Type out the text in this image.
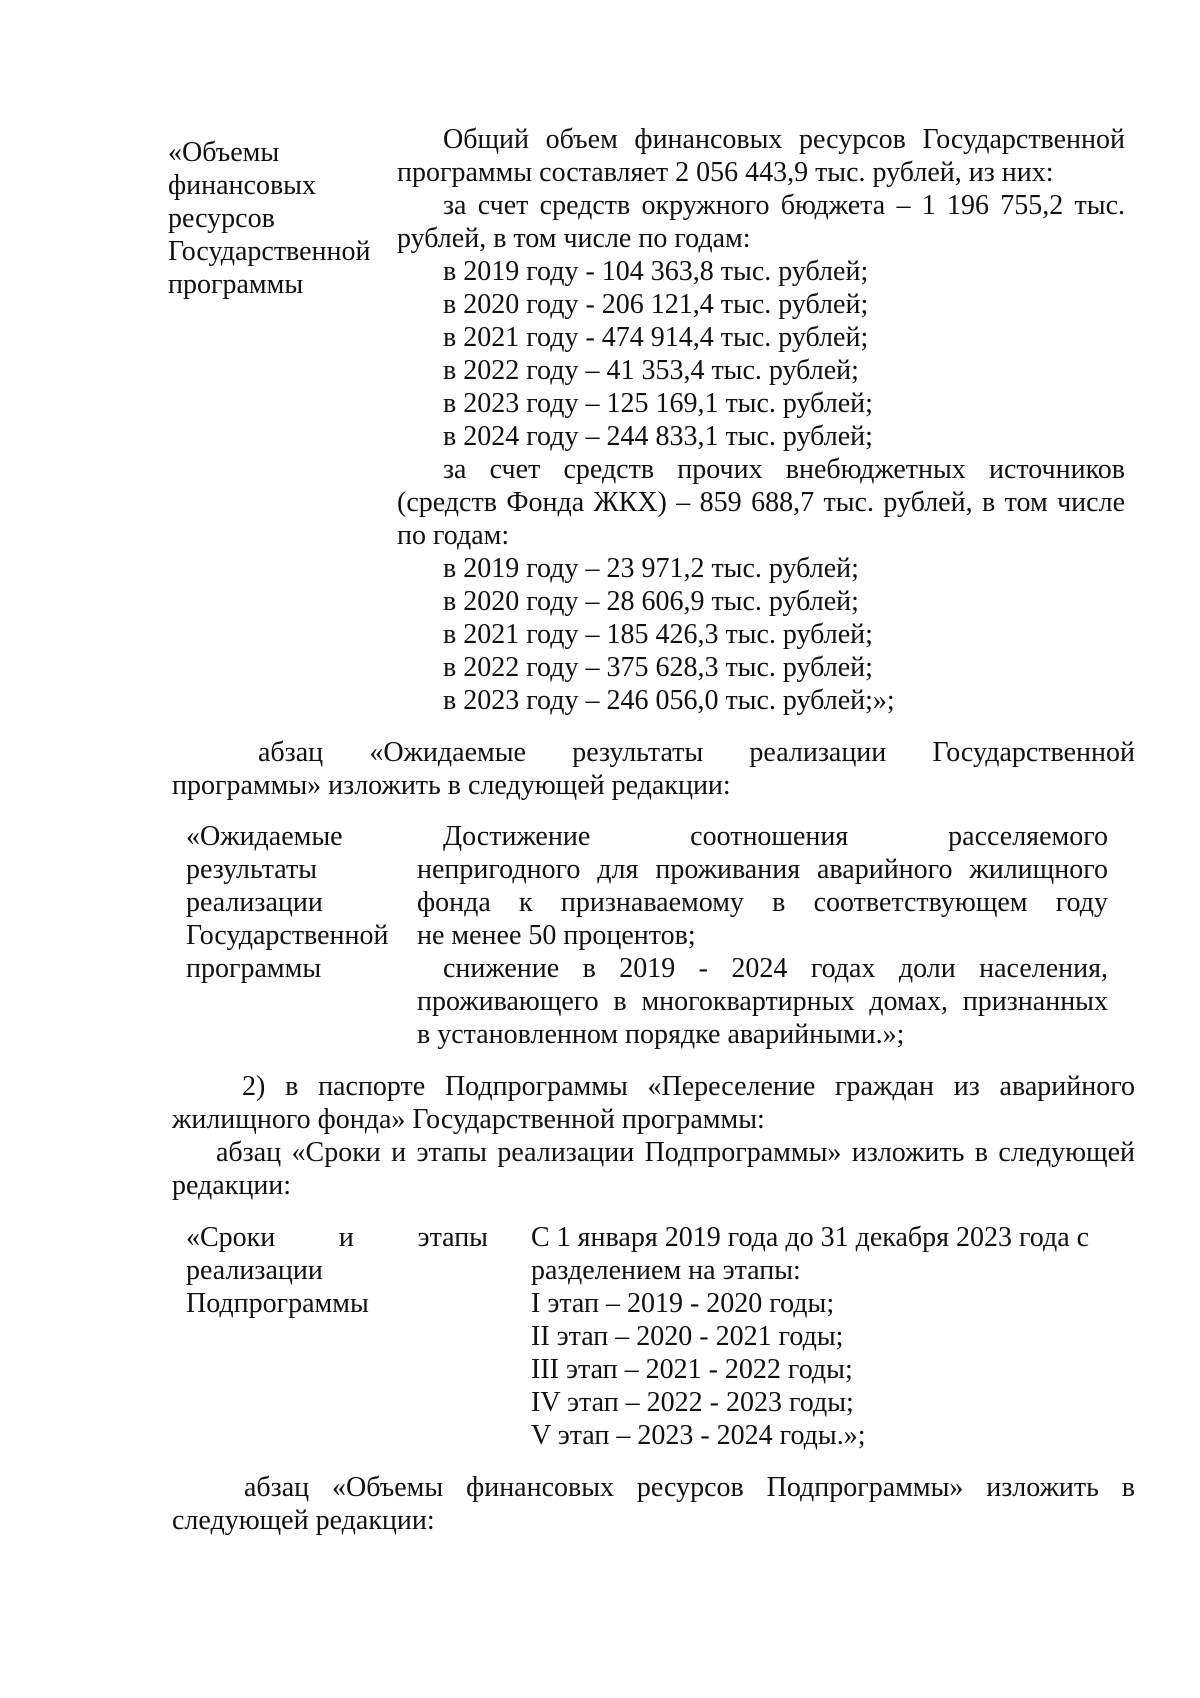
«Объемы
финансовых
ресурсов
Государственной
программы
Общий объем финансовых ресурсов Государственной
программы составляет 2 056 443,9 тыс. рублей, из них:
за счет средств окружного бюджета – 1 196 755,2 тыс.
рублей, в том числе по годам:
в 2019 году - 104 363,8 тыс. рублей;
в 2020 году - 206 121,4 тыс. рублей;
в 2021 году - 474 914,4 тыс. рублей;
в 2022 году – 41 353,4 тыс. рублей;
в 2023 году – 125 169,1 тыс. рублей;
в 2024 году – 244 833,1 тыс. рублей;
за счет средств прочих внебюджетных источников
(средств Фонда ЖКХ) – 859 688,7 тыс. рублей, в том числе
по годам:
в 2019 году – 23 971,2 тыс. рублей;
в 2020 году – 28 606,9 тыс. рублей;
в 2021 году – 185 426,3 тыс. рублей;
в 2022 году – 375 628,3 тыс. рублей;
в 2023 году – 246 056,0 тыс. рублей;»;
абзац «Ожидаемые результаты реализации Государственной
программы» изложить в следующей редакции:
«Ожидаемые
результаты
реализации
Государственной
программы
Достижение соотношения расселяемого
непригодного для проживания аварийного жилищного
фонда к признаваемому в соответствующем году
не менее 50 процентов;
снижение в 2019 - 2024 годах доли населения,
проживающего в многоквартирных домах, признанных
в установленном порядке аварийными.»;
2) в паспорте Подпрограммы «Переселение граждан из аварийного
жилищного фонда» Государственной программы:
абзац «Сроки и этапы реализации Подпрограммы» изложить в следующей
редакции:
«Сроки и этапы
реализации
Подпрограммы
С 1 января 2019 года до 31 декабря 2023 года с
разделением на этапы:
I этап – 2019 - 2020 годы;
II этап – 2020 - 2021 годы;
III этап – 2021 - 2022 годы;
IV этап – 2022 - 2023 годы;
V этап – 2023 - 2024 годы.»;
абзац «Объемы финансовых ресурсов Подпрограммы» изложить в
следующей редакции:
